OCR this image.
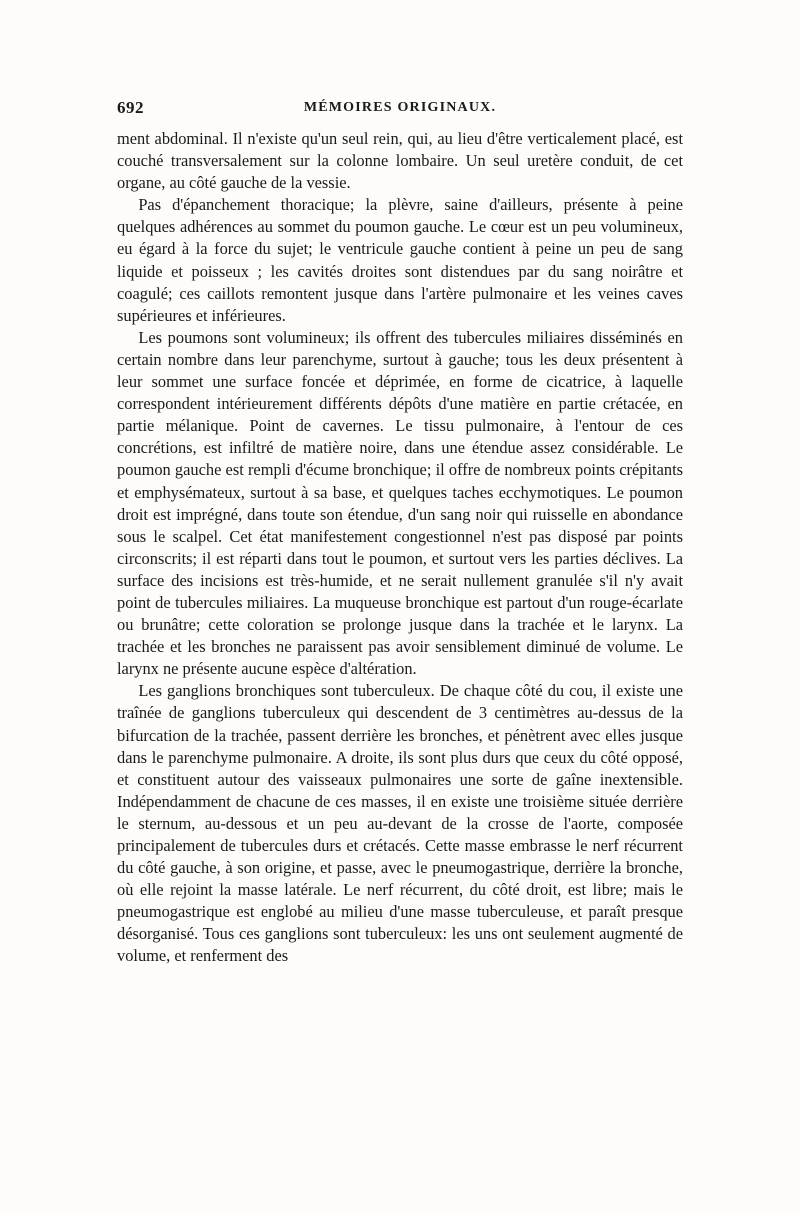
692	MÉMOIRES ORIGINAUX.

ment abdominal. Il n'existe qu'un seul rein, qui, au lieu d'être verticalement placé, est couché transversalement sur la colonne lombaire. Un seul uretère conduit, de cet organe, au côté gauche de la vessie.

Pas d'épanchement thoracique; la plèvre, saine d'ailleurs, présente à peine quelques adhérences au sommet du poumon gauche. Le cœur est un peu volumineux, eu égard à la force du sujet; le ventricule gauche contient à peine un peu de sang liquide et poisseux ; les cavités droites sont distendues par du sang noirâtre et coagulé; ces caillots remontent jusque dans l'artère pulmonaire et les veines caves supérieures et inférieures.

Les poumons sont volumineux; ils offrent des tubercules miliaires disséminés en certain nombre dans leur parenchyme, surtout à gauche; tous les deux présentent à leur sommet une surface foncée et déprimée, en forme de cicatrice, à laquelle correspondent intérieurement différents dépôts d'une matière en partie crétacée, en partie mélanique. Point de cavernes. Le tissu pulmonaire, à l'entour de ces concrétions, est infiltré de matière noire, dans une étendue assez considérable. Le poumon gauche est rempli d'écume bronchique; il offre de nombreux points crépitants et emphysémateux, surtout à sa base, et quelques taches ecchymotiques. Le poumon droit est imprégné, dans toute son étendue, d'un sang noir qui ruisselle en abondance sous le scalpel. Cet état manifestement congestionnel n'est pas disposé par points circonscrits; il est réparti dans tout le poumon, et surtout vers les parties déclives. La surface des incisions est très-humide, et ne serait nullement granulée s'il n'y avait point de tubercules miliaires. La muqueuse bronchique est partout d'un rouge-écarlate ou brunâtre; cette coloration se prolonge jusque dans la trachée et le larynx. La trachée et les bronches ne paraissent pas avoir sensiblement diminué de volume. Le larynx ne présente aucune espèce d'altération.

Les ganglions bronchiques sont tuberculeux. De chaque côté du cou, il existe une traînée de ganglions tuberculeux qui descendent de 3 centimètres au-dessus de la bifurcation de la trachée, passent derrière les bronches, et pénètrent avec elles jusque dans le parenchyme pulmonaire. A droite, ils sont plus durs que ceux du côté opposé, et constituent autour des vaisseaux pulmonaires une sorte de gaîne inextensible. Indépendamment de chacune de ces masses, il en existe une troisième située derrière le sternum, au-dessous et un peu au-devant de la crosse de l'aorte, composée principalement de tubercules durs et crétacés. Cette masse embrasse le nerf récurrent du côté gauche, à son origine, et passe, avec le pneumogastrique, derrière la bronche, où elle rejoint la masse latérale. Le nerf récurrent, du côté droit, est libre; mais le pneumogastrique est englobé au milieu d'une masse tuberculeuse, et paraît presque désorganisé. Tous ces ganglions sont tuberculeux: les uns ont seulement augmenté de volume, et renferment des
